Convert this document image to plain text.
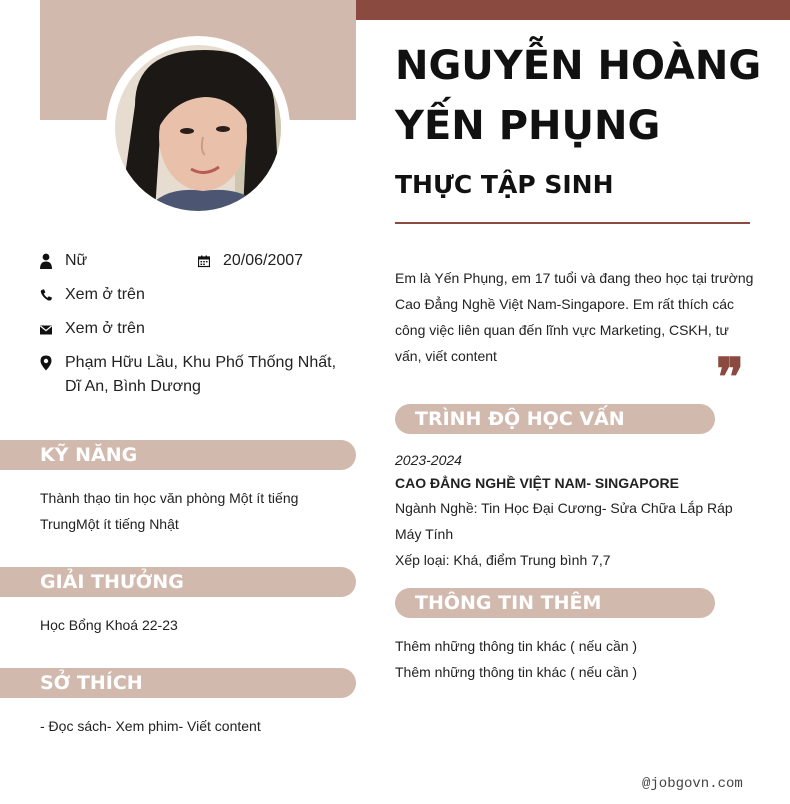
NGUYỄN HOÀNG
YẾN PHỤNG
THỰC TẬP SINH
Nữ	20/06/2007
Xem ở trên
Xem ở trên
Phạm Hữu Lầu, Khu Phố Thống Nhất, Dĩ An, Bình Dương

Em là Yến Phụng, em 17 tuổi và đang theo học tại trường Cao Đẳng Nghề Việt Nam-Singapore. Em rất thích các công việc liên quan đến lĩnh vực Marketing, CSKH, tư vấn, viết content	❞
KỸ NĂNG

Thành thạo tin học văn phòng Một ít tiếng TrungMột ít tiếng Nhật

GIẢI THƯỞNG

Học Bổng Khoá 22-23

SỞ THÍCH

- Đọc sách- Xem phim- Viết content

TRÌNH ĐỘ HỌC VẤN
2023-2024
CAO ĐẲNG NGHỀ VIỆT NAM- SINGAPORE
Ngành Nghề: Tin Học Đại Cương- Sửa Chữa Lắp Ráp Máy Tính
Xếp loại: Khá, điểm Trung bình 7,7
THÔNG TIN THÊM
Thêm những thông tin khác ( nếu cần )
Thêm những thông tin khác ( nếu cần )
@jobgovn.com
